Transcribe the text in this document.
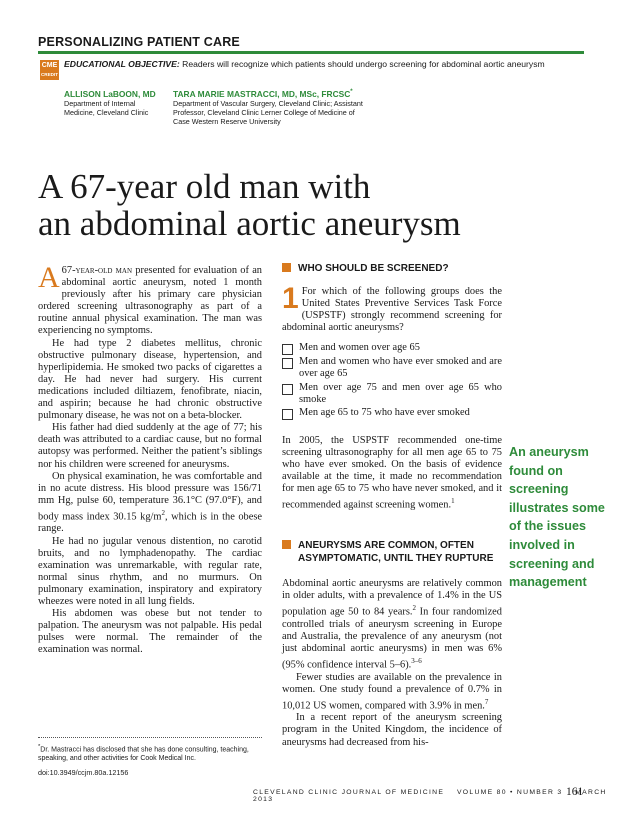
PERSONALIZING PATIENT CARE
CME
CREDIT
EDUCATIONAL OBJECTIVE: Readers will recognize which patients should undergo screening for abdominal aortic aneurysm
ALLISON LaBOON, MD
Department of Internal Medicine, Cleveland Clinic
TARA MARIE MASTRACCI, MD, MSc, FRCSC*
Department of Vascular Surgery, Cleveland Clinic; Assistant Professor, Cleveland Clinic Lerner College of Medicine of Case Western Reserve University
A 67-year old man with
an abdominal aortic aneurysm

A 67-year-old man presented for evaluation of an abdominal aortic aneurysm, noted 1 month previously after his primary care physician ordered screening ultrasonography as part of a routine annual physical examination. The man was experiencing no symptoms.

He had type 2 diabetes mellitus, chronic obstructive pulmonary disease, hypertension, and hyperlipidemia. He smoked two packs of cigarettes a day. He had never had surgery. His current medications included diltiazem, fenofibrate, niacin, and aspirin; because he had chronic obstructive pulmonary disease, he was not on a beta-blocker.

His father had died suddenly at the age of 77; his death was attributed to a cardiac cause, but no formal autopsy was performed. Neither the patient’s siblings nor his children were screened for aneurysms.

On physical examination, he was comfortable and in no acute distress. His blood pressure was 156/71 mm Hg, pulse 60, temperature 36.1°C (97.0°F), and body mass index 30.15 $kg/m^2$, which is in the obese range.

He had no jugular venous distention, no carotid bruits, and no lymphadenopathy. The cardiac examination was unremarkable, with regular rate, normal sinus rhythm, and no murmurs. On pulmonary examination, inspiratory and expiratory wheezes were noted in all lung fields.

His abdomen was obese but not tender to palpation. The aneurysm was not palpable. His pedal pulses were normal. The remainder of the examination was normal.

WHO SHOULD BE SCREENED?

1 For which of the following groups does the United States Preventive Services Task Force (USPSTF) strongly recommend screening for abdominal aortic aneurysms?

Men and women over age 65
Men and women who have ever smoked and are over age 65
Men over age 75 and men over age 65 who smoke
Men age 65 to 75 who have ever smoked

In 2005, the USPSTF recommended one-time screening ultrasonography for all men age 65 to 75 who have ever smoked. On the basis of evidence available at the time, it made no recommendation for men age 65 to 75 who have never smoked, and it recommended against screening women.$^1$

ANEURYSMS ARE COMMON, OFTEN
ASYMPTOMATIC, UNTIL THEY RUPTURE

Abdominal aortic aneurysms are relatively common in older adults, with a prevalence of 1.4% in the US population age 50 to 84 years.$^2$ In four randomized controlled trials of aneurysm screening in Europe and Australia, the prevalence of any aneurysm (not just abdominal aortic aneurysms) in men was 6% (95% confidence interval 5–6).$^{3-6}$

Fewer studies are available on the prevalence in women. One study found a prevalence of 0.7% in 10,012 US women, compared with 3.9% in men.$^7$

In a recent report of the aneurysm screening program in the United Kingdom, the incidence of aneurysms had decreased from his-

An aneurysm found on screening illustrates some of the issues involved in screening and management
*Dr. Mastracci has disclosed that she has done consulting, teaching, speaking, and other activities for Cook Medical Inc.
doi:10.3949/ccjm.80a.12156
CLEVELAND CLINIC JOURNAL OF MEDICINE VOLUME 80 • NUMBER 3 MARCH 2013
161
